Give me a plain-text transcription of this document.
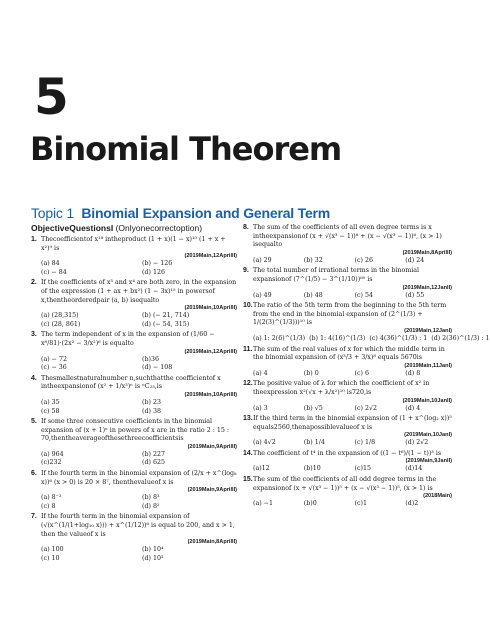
5
Binomial Theorem
Topic 1 Binomial Expansion and General Term
ObjectiveQuestionsI (Onlyonecorrectoption)
1. Thecoefficientof x¹⁸ intheproduct (1 + x)(1 − x)¹⁰ (1 + x + x²)⁹ is
(2019Main,12AprilII)
(a) 84	(b) − 126
(c) − 84	(d) 126
2. If the coefficients of x³ and x⁴ are both zero, in the expansion of the expression (1 + ax + bx²) (1 − 3x)¹⁵ in powersof x,thentheorderedpair (a, b) isequalto
(2019Main,10AprilII)
(a) (28,315)	(b) (− 21, 714)
(c) (28, 861)	(d) (− 54, 315)
3. The term independent of x in the expansion of (1/60 − x⁸/81)·(2x² − 3/x²)⁶ is equalto
(2019Main,12AprilII)
(a) − 72	(b)36
(c) − 36	(d) − 108
4. Thesmallestnaturalnumber n,suchthatthe coefficientof x intheexpansionof (x² + 1/x³)ⁿ is ⁿC₂₃,is
(2019Main,10AprilII)
(a) 35	(b) 23
(c) 58	(d) 38
5. If some three consecutive coefficients in the binomial expansion of (x + 1)ⁿ in powers of x are in the ratio 2 : 15 : 70,thentheaverageofthesethreecoefficientsis
(2019Main,9AprilII)
(a) 964	(b) 227
(c)232	(d) 625
6. If the fourth term in the binomial expansion of (2/x + x^(log₈ x))⁶ (x > 0) is 20 × 8⁷, thenthevalueof x is
(2019Main,9AprilII)
(a) 8⁻²	(b) 8³
(c) 8	(d) 8²
7. If the fourth term in the binomial expansion of (√(x^(1/(1+log₁₀ x))) + x^(1/12))⁶ is equal to 200, and x > 1, then the valueof x is
(2019Main,8AprilII)
(a) 100	(b) 10⁴
(c) 10	(d) 10³
8. The sum of the coefficients of all even degree terms is x intheexpansionof (x + √(x³ − 1))⁶ + (x − √(x³ − 1))⁶, (x > 1) isequalto
(2019Main,8AprilII)
(a) 29	(b) 32	(c) 26	(d) 24
9. The total number of irrational terms in the binomial expansionof (7^(1/5) − 3^(1/10))⁶⁰ is
(2019Main,12JanII)
(a) 49	(b) 48	(c) 54	(d) 55
10. The ratio of the 5th term from the beginning to the 5th term from the end in the binomial expansion of (2^(1/3) + 1/(2(3)^(1/3)))¹⁰ is
(2019Main,12JanI)
(a) 1: 2(6)^(1/3) (b) 1: 4(16)^(1/3) (c) 4(36)^(1/3) : 1 (d) 2(36)^(1/3) : 1
11. The sum of the real values of x for which the middle term in the binomial expansion of (x³/3 + 3/x)⁸ equals 5670is
(2019Main,11JanI)
(a) 4	(b) 0	(c) 6	(d) 8
12. The positive value of λ for which the coefficient of x² in theexpression x²(√x + λ/x²)¹⁰ is720,is
(2019Main,10JanII)
(a) 3	(b) √5	(c) 2√2	(d) 4
13. If the third term in the binomial expansion of (1 + x^(log₂ x))⁵ equals2560,thenapossiblevalueof x is
(2019Main,10JanI)
(a) 4√2	(b) 1/4	(c) 1/8	(d) 2√2
14. The coefficient of t⁴ in the expansion of ((1 − t⁶)/(1 − t))³ is
(2019Main,9JanII)
(a)12	(b)10	(c)15	(d)14
15. The sum of the coefficients of all odd degree terms in the expansionof (x + √(x³ − 1))⁵ + (x − √(x³ − 1))⁵, (x > 1) is
(2018Main)
(a) −1	(b)0	(c)1	(d)2
